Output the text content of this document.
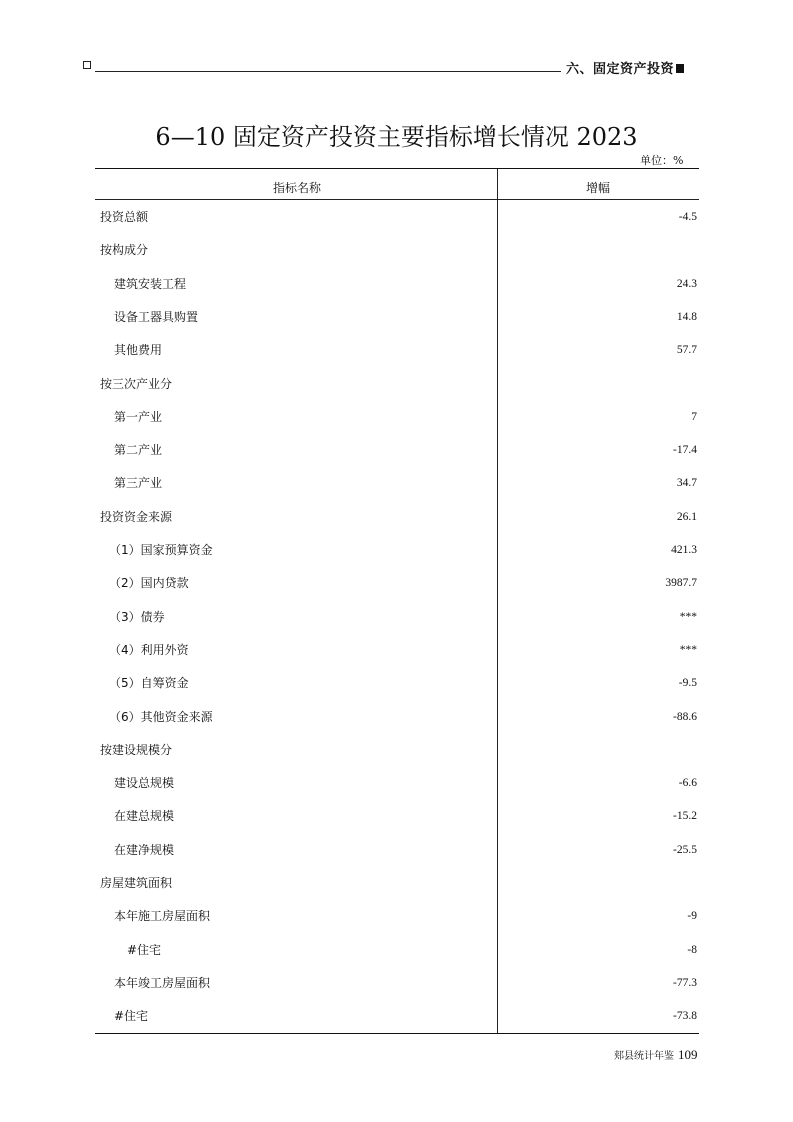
六、固定资产投资
6—10 固定资产投资主要指标增长情况 2023
单位：%
指标名称	增幅
投资总额	-4.5
按构成分
建筑安装工程	24.3
设备工器具购置	14.8
其他费用	57.7
按三次产业分
第一产业	7
第二产业	-17.4
第三产业	34.7
投资资金来源	26.1
（1）国家预算资金	421.3
（2）国内贷款	3987.7
（3）债券	***
（4）利用外资	***
（5）自筹资金	-9.5
（6）其他资金来源	-88.6
按建设规模分
建设总规模	-6.6
在建总规模	-15.2
在建净规模	-25.5
房屋建筑面积
本年施工房屋面积	-9
#住宅	-8
本年竣工房屋面积	-77.3
#住宅	-73.8
郏县统计年鉴 109
